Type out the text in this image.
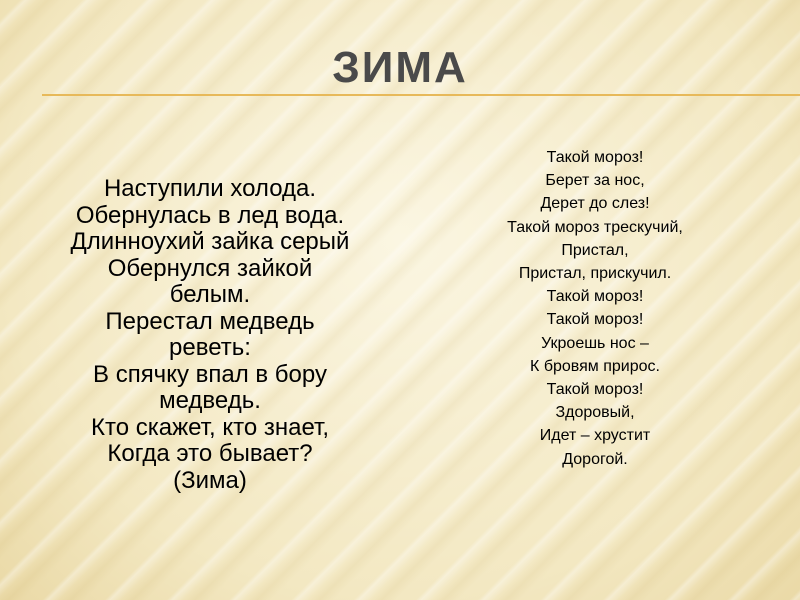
ЗИМА
Наступили холода.
Обернулась в лед вода.
Длинноухий зайка серый
Обернулся зайкой
белым.
Перестал медведь
реветь:
В спячку впал в бору
медведь.
Кто скажет, кто знает,
Когда это бывает?
(Зима)
Такой мороз!
Берет за нос,
Дерет до слез!
Такой мороз трескучий,
Пристал,
Пристал, прискучил.
Такой мороз!
Такой мороз!
Укроешь нос –
К бровям прирос.
Такой мороз!
Здоровый,
Идет – хрустит
Дорогой.
